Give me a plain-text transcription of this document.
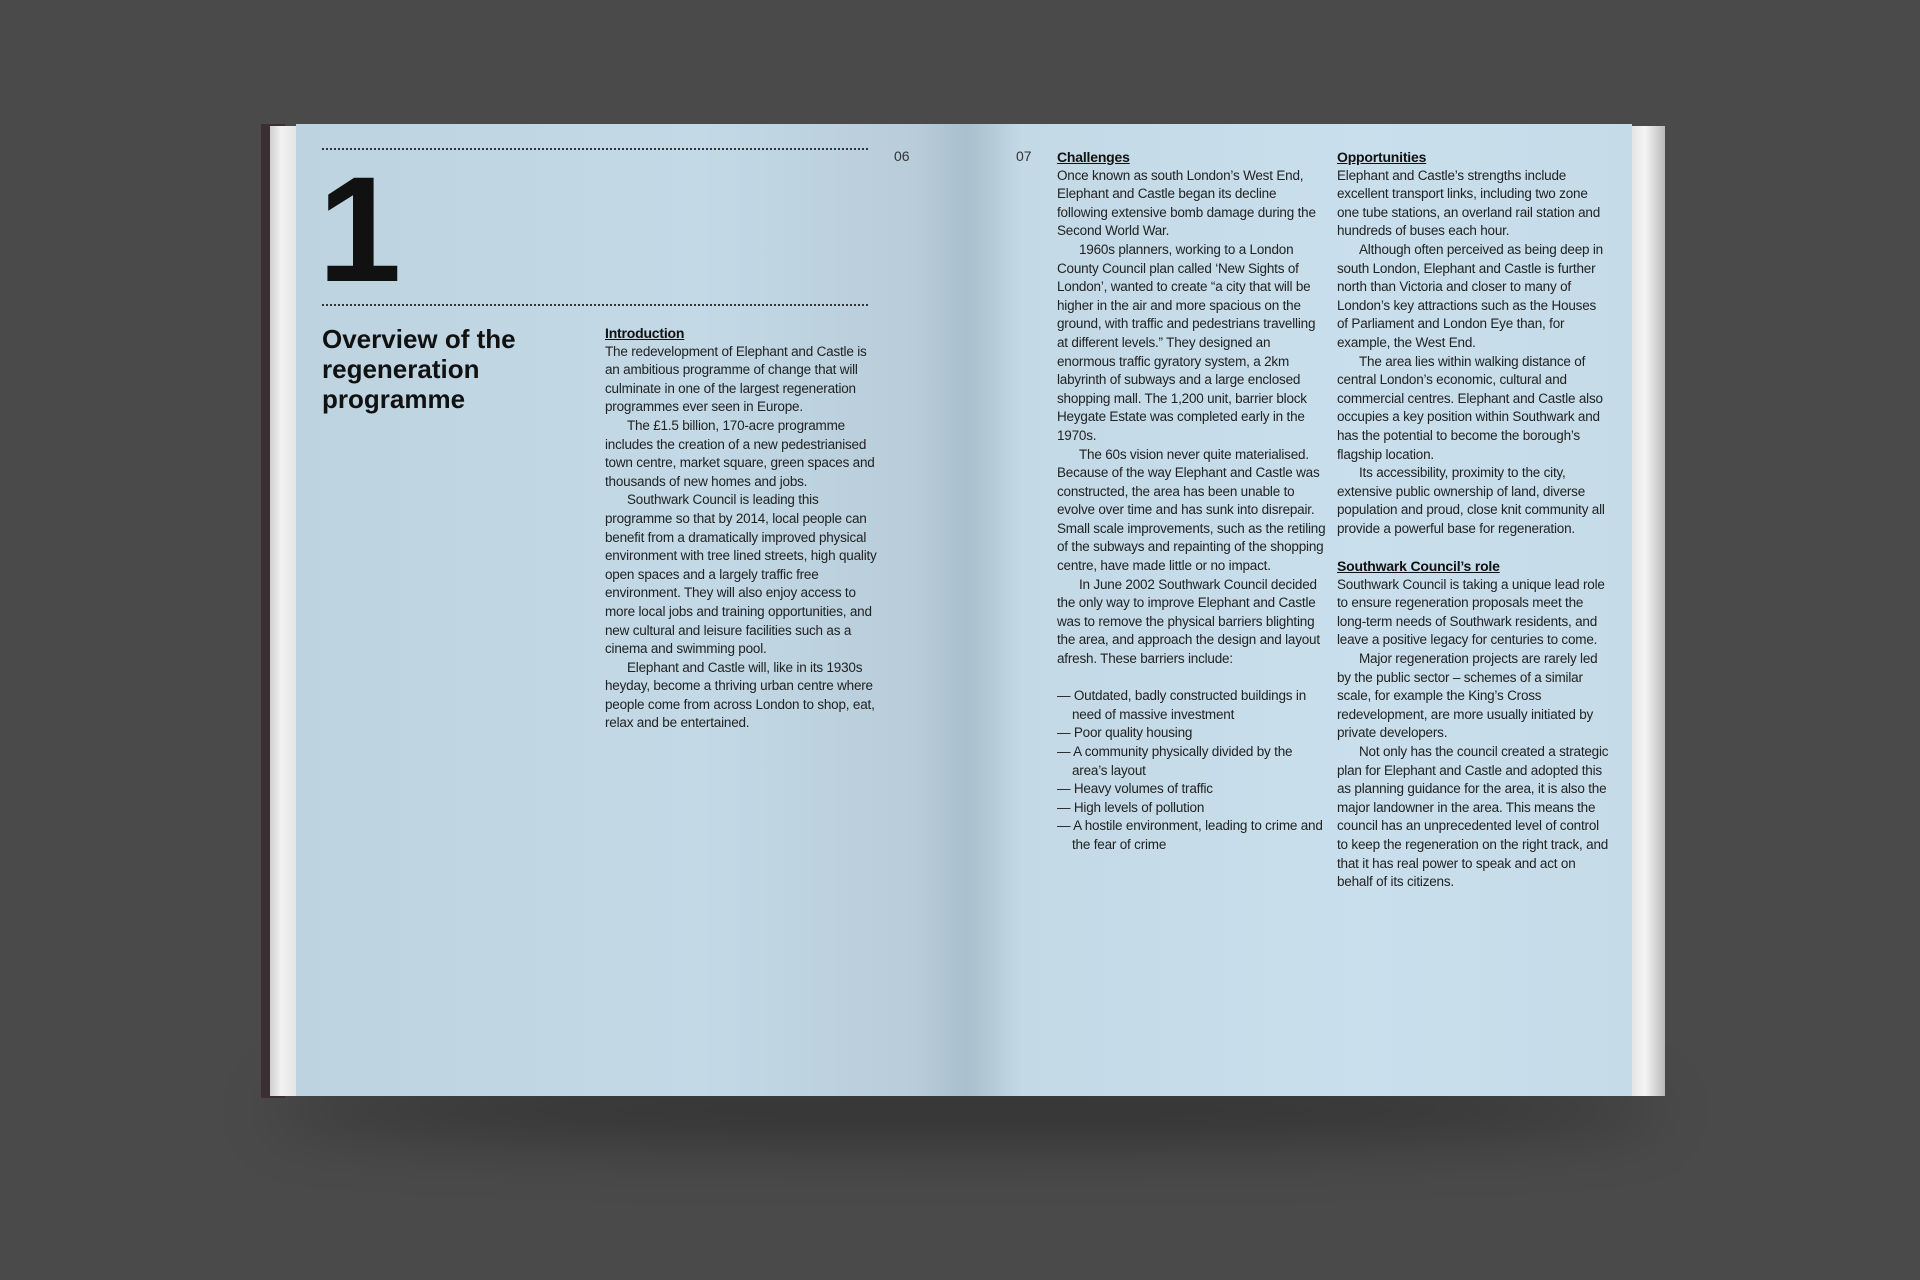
06
1
Overview of the regeneration programme
Introduction

The redevelopment of Elephant and Castle is an ambitious programme of change that will culminate in one of the largest regeneration programmes ever seen in Europe.

The £1.5 billion, 170-acre programme includes the creation of a new pedestrianised town centre, market square, green spaces and thousands of new homes and jobs.

Southwark Council is leading this programme so that by 2014, local people can benefit from a dramatically improved physical environment with tree lined streets, high quality open spaces and a largely traffic free environment. They will also enjoy access to more local jobs and training opportunities, and new cultural and leisure facilities such as a cinema and swimming pool.

Elephant and Castle will, like in its 1930s heyday, become a thriving urban centre where people come from across London to shop, eat, relax and be entertained.

07 Challenges

Once known as south London’s West End, Elephant and Castle began its decline following extensive bomb damage during the Second World War.

1960s planners, working to a London County Council plan called ‘New Sights of London’, wanted to create “a city that will be higher in the air and more spacious on the ground, with traffic and pedestrians travelling at different levels.” They designed an enormous traffic gyratory system, a 2km labyrinth of subways and a large enclosed shopping mall. The 1,200 unit, barrier block Heygate Estate was completed early in the 1970s.

The 60s vision never quite materialised. Because of the way Elephant and Castle was constructed, the area has been unable to evolve over time and has sunk into disrepair. Small scale improvements, such as the retiling of the subways and repainting of the shopping centre, have made little or no impact.

In June 2002 Southwark Council decided the only way to improve Elephant and Castle was to remove the physical barriers blighting the area, and approach the design and layout afresh. These barriers include:

— Outdated, badly constructed buildings in need of massive investment
— Poor quality housing
— A community physically divided by the area’s layout
— Heavy volumes of traffic
— High levels of pollution
— A hostile environment, leading to crime and the fear of crime
Opportunities

Elephant and Castle’s strengths include excellent transport links, including two zone one tube stations, an overland rail station and hundreds of buses each hour.

Although often perceived as being deep in south London, Elephant and Castle is further north than Victoria and closer to many of London’s key attractions such as the Houses of Parliament and London Eye than, for example, the West End.

The area lies within walking distance of central London’s economic, cultural and commercial centres. Elephant and Castle also occupies a key position within Southwark and has the potential to become the borough’s flagship location.

Its accessibility, proximity to the city, extensive public ownership of land, diverse population and proud, close knit community all provide a powerful base for regeneration.

Southwark Council’s role

Southwark Council is taking a unique lead role to ensure regeneration proposals meet the long-term needs of Southwark residents, and leave a positive legacy for centuries to come.

Major regeneration projects are rarely led by the public sector – schemes of a similar scale, for example the King’s Cross redevelopment, are more usually initiated by private developers.

Not only has the council created a strategic plan for Elephant and Castle and adopted this as planning guidance for the area, it is also the major landowner in the area. This means the council has an unprecedented level of control to keep the regeneration on the right track, and that it has real power to speak and act on behalf of its citizens.
